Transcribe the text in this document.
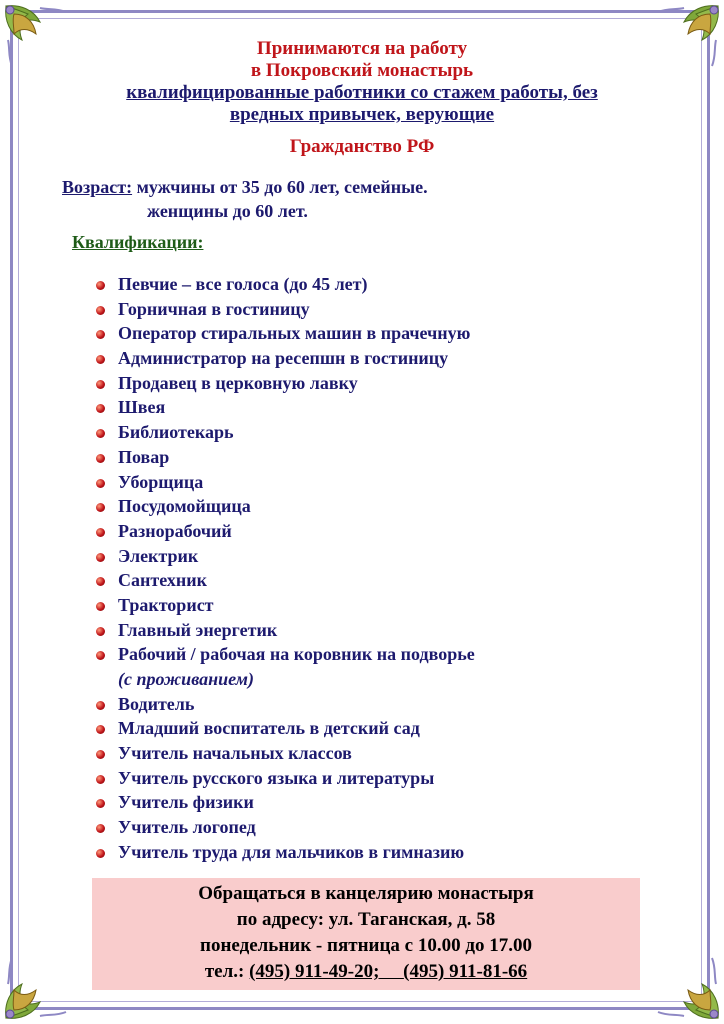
Принимаются на работу
в Покровский монастырь
квалифицированные работники со стажем работы, без
вредных привычек, верующие
Гражданство РФ
Возраст: мужчины от 35 до 60 лет, семейные.
женщины до 60 лет.
Квалификации:
Певчие – все голоса (до 45 лет)
Горничная в гостиницу
Оператор стиральных машин в прачечную
Администратор на ресепшн в гостиницу
Продавец в церковную лавку
Швея
Библиотекарь
Повар
Уборщица
Посудомойщица
Разнорабочий
Электрик
Сантехник
Тракторист
Главный энергетик
Рабочий / рабочая на коровник на подворье
(с проживанием)
Водитель
Младший воспитатель в детский сад
Учитель начальных классов
Учитель русского языка и литературы
Учитель физики
Учитель логопед
Учитель труда для мальчиков в гимназию
Обращаться в канцелярию монастыря
по адресу: ул. Таганская, д. 58
понедельник - пятница с 10.00 до 17.00
тел.: (495) 911-49-20; (495) 911-81-66
